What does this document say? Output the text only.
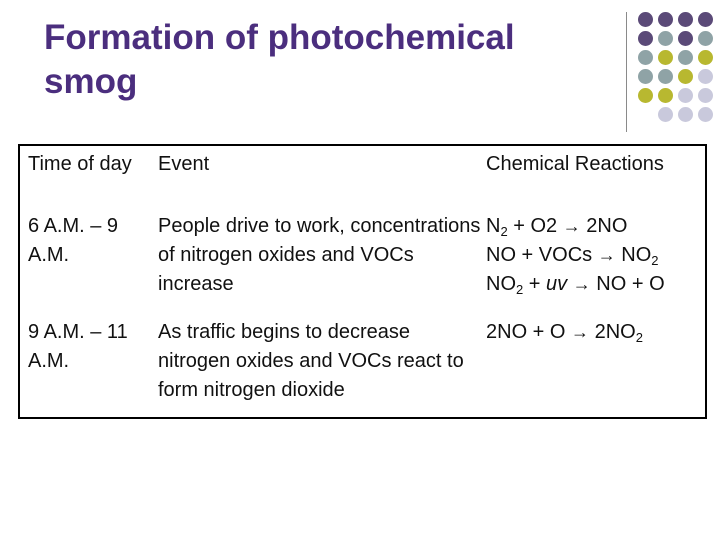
Formation of photochemical smog
Time of day	Event	Chemical Reactions
6 A.M. – 9 A.M.
People drive to work, concentrations of nitrogen oxides and VOCs increase

$N_2 + O2 \to 2NO$

NO + VOCs → $NO_2$

$NO_2$ + uv → NO + O

9 A.M. – 11 A.M.
As traffic begins to decrease nitrogen oxides and VOCs react to form nitrogen dioxide

$2NO + O \to 2NO_2$
